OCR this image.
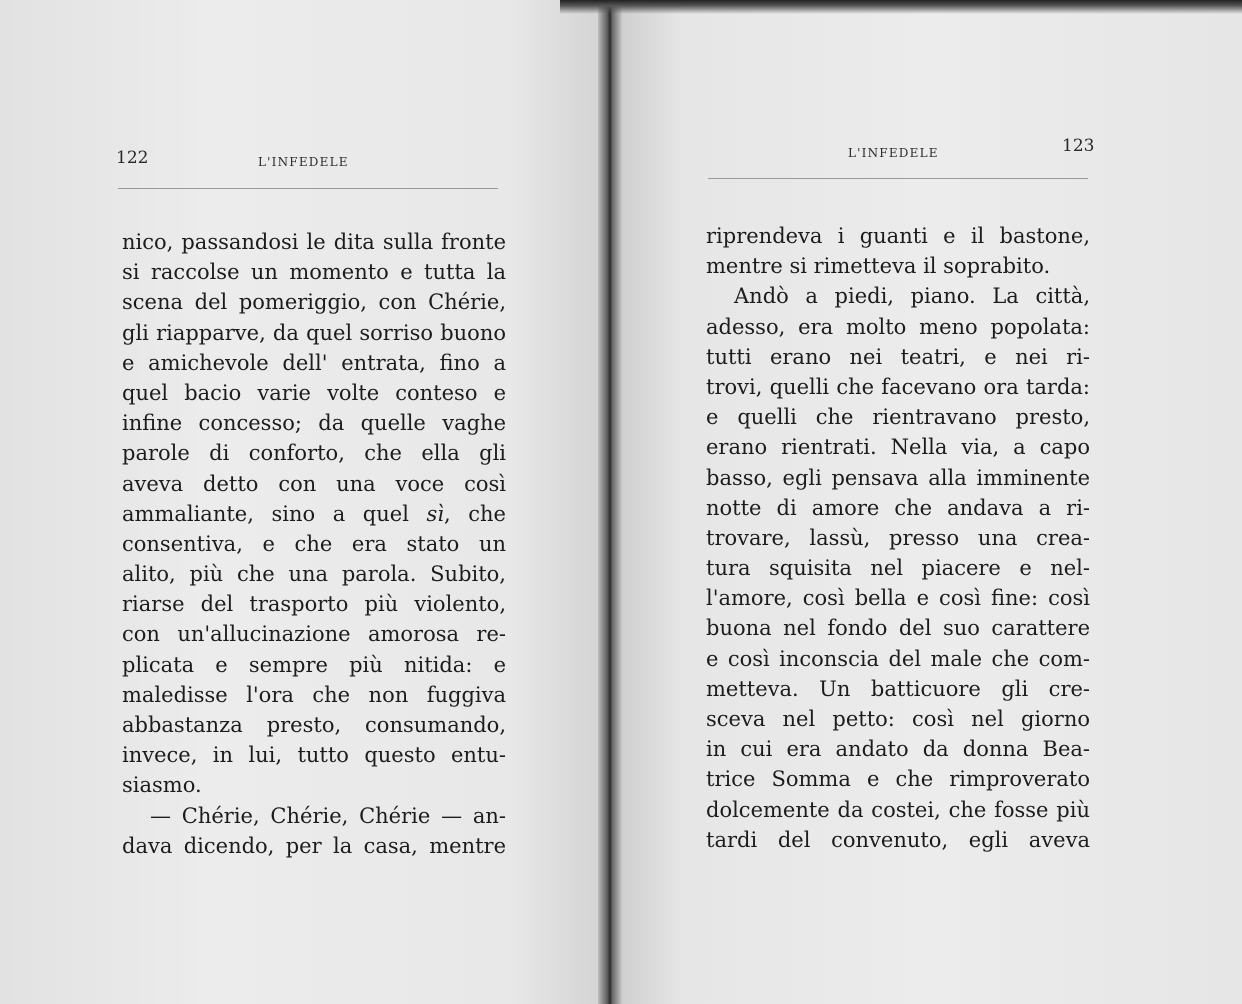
122	L'INFEDELE
nico, passandosi le dita sulla fronte
si raccolse un momento e tutta la
scena del pomeriggio, con Chérie,
gli riapparve, da quel sorriso buono
e amichevole dell' entrata, fino a
quel bacio varie volte conteso e
infine concesso; da quelle vaghe
parole di conforto, che ella gli
aveva detto con una voce così
ammaliante, sino a quel sì, che
consentiva, e che era stato un
alito, più che una parola. Subito,
riarse del trasporto più violento,
con un'allucinazione amorosa re-
plicata e sempre più nitida: e
maledisse l'ora che non fuggiva
abbastanza presto, consumando,
invece, in lui, tutto questo entu-
siasmo.
— Chérie, Chérie, Chérie — an-
dava dicendo, per la casa, mentre
L'INFEDELE	123
riprendeva i guanti e il bastone,
mentre si rimetteva il soprabito.
Andò a piedi, piano. La città,
adesso, era molto meno popolata:
tutti erano nei teatri, e nei ri-
trovi, quelli che facevano ora tarda:
e quelli che rientravano presto,
erano rientrati. Nella via, a capo
basso, egli pensava alla imminente
notte di amore che andava a ri-
trovare, lassù, presso una crea-
tura squisita nel piacere e nel-
l'amore, così bella e così fine: così
buona nel fondo del suo carattere
e così inconscia del male che com-
metteva. Un batticuore gli cre-
sceva nel petto: così nel giorno
in cui era andato da donna Bea-
trice Somma e che rimproverato
dolcemente da costei, che fosse più
tardi del convenuto, egli aveva
